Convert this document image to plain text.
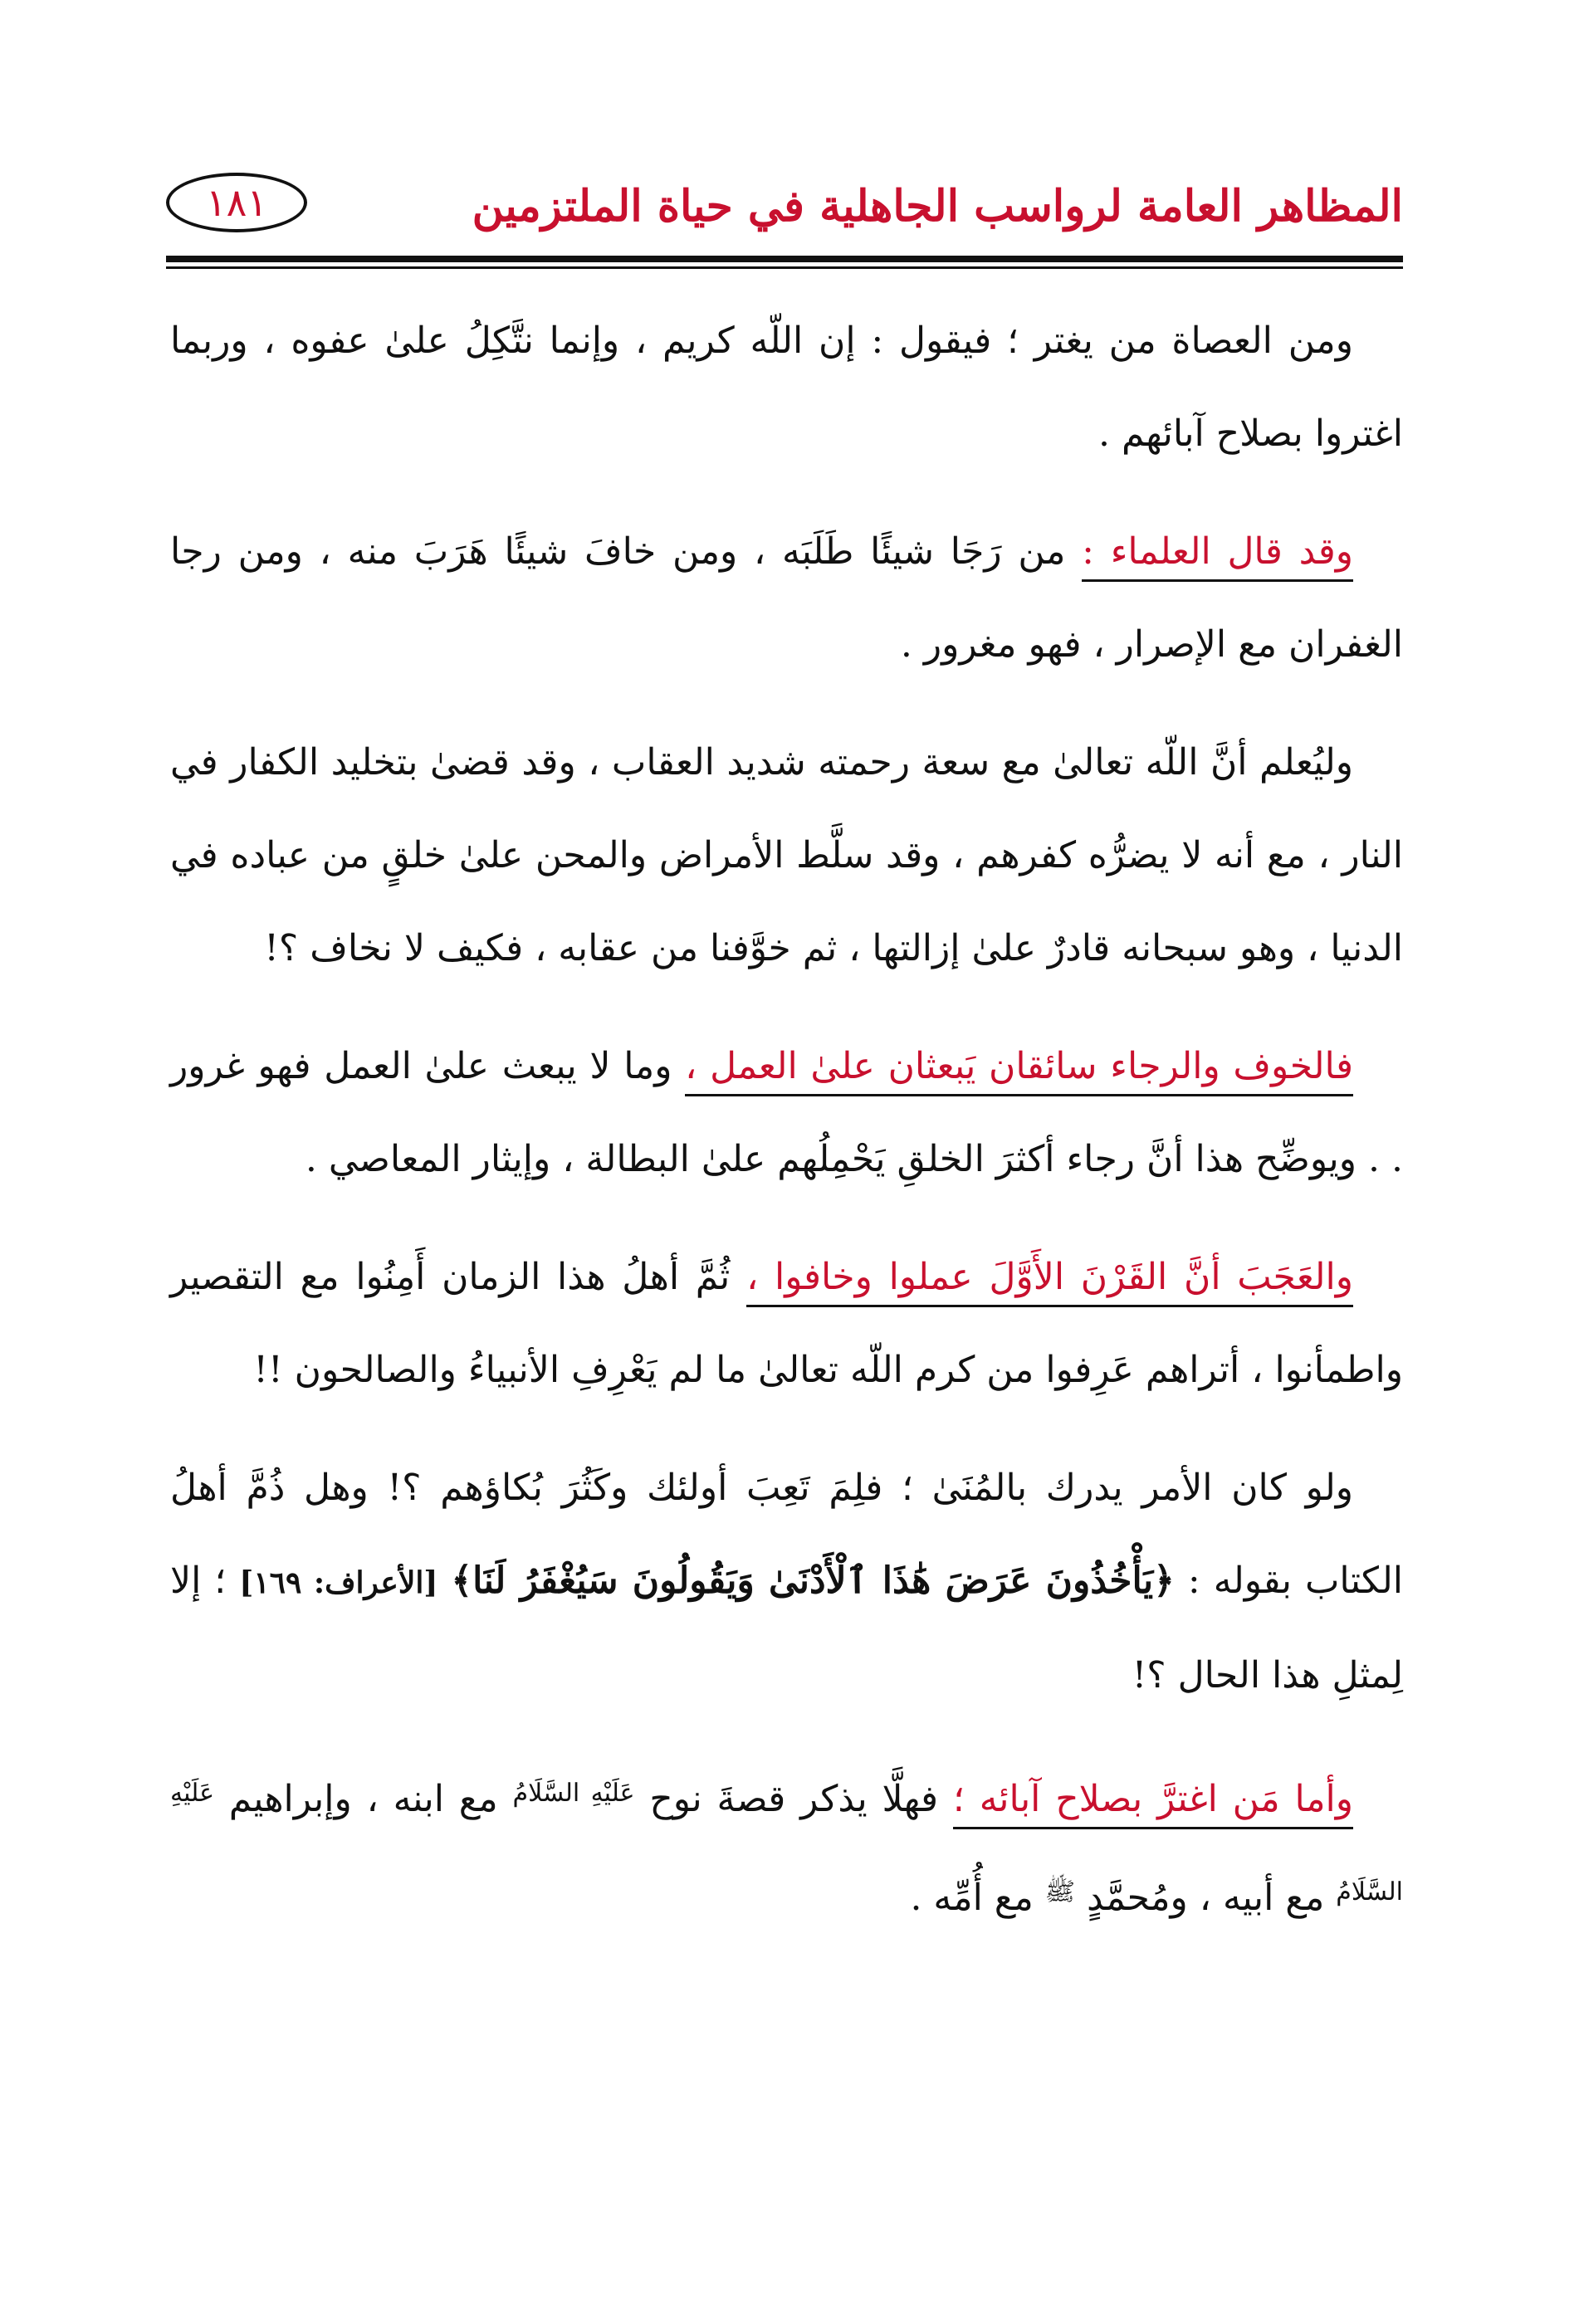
المظاهر العامة لرواسب الجاهلية في حياة الملتزمين
١٨١

ومن العصاة من يغتر ؛ فيقول : إن اللّه كريم ، وإنما نتَّكِلُ علىٰ عفوه ، وربما اغتروا بصلاح آبائهم .

وقد قال العلماء : من رَجَا شيئًا طَلَبَه ، ومن خافَ شيئًا هَرَبَ منه ، ومن رجا الغفران مع الإصرار ، فهو مغرور .

وليُعلم أنَّ اللّه تعالىٰ مع سعة رحمته شديد العقاب ، وقد قضىٰ بتخليد الكفار في النار ، مع أنه لا يضرُّه كفرهم ، وقد سلَّط الأمراض والمحن علىٰ خلقٍ من عباده في الدنيا ، وهو سبحانه قادرٌ علىٰ إزالتها ، ثم خوَّفنا من عقابه ، فكيف لا نخاف ؟!

فالخوف والرجاء سائقان يَبعثان علىٰ العمل ، وما لا يبعث علىٰ العمل فهو غرور . . ويوضِّح هذا أنَّ رجاء أكثرَ الخلقِ يَحْمِلُهم علىٰ البطالة ، وإيثار المعاصي .

والعَجَبَ أنَّ القَرْنَ الأَوَّلَ عملوا وخافوا ، ثُمَّ أهلُ هذا الزمان أَمِنُوا مع التقصير واطمأنوا ، أتراهم عَرِفوا من كرم اللّه تعالىٰ ما لم يَعْرِفِ الأنبياءُ والصالحون !!

ولو كان الأمر يدرك بالمُنَىٰ ؛ فلِمَ تَعِبَ أولئك وكَثُرَ بُكاؤهم ؟! وهل ذُمَّ أهلُ الكتاب بقوله : ﴿يَأْخُذُونَ عَرَضَ هَٰذَا ٱلْأَدْنَىٰ وَيَقُولُونَ سَيُغْفَرُ لَنَا﴾ [الأعراف: ١٦٩] ؛ إلا لِمثلِ هذا الحال ؟!

وأما مَن اغترَّ بصلاح آبائه ؛ فهلَّا يذكر قصةَ نوح $^{عَلَيْهِ السَّلَامُ}$ مع ابنه ، وإبراهيم $^{عَلَيْهِ السَّلَامُ}$ مع أبيه ، ومُحمَّدٍ $^ﷺ$ مع أُمِّه .
